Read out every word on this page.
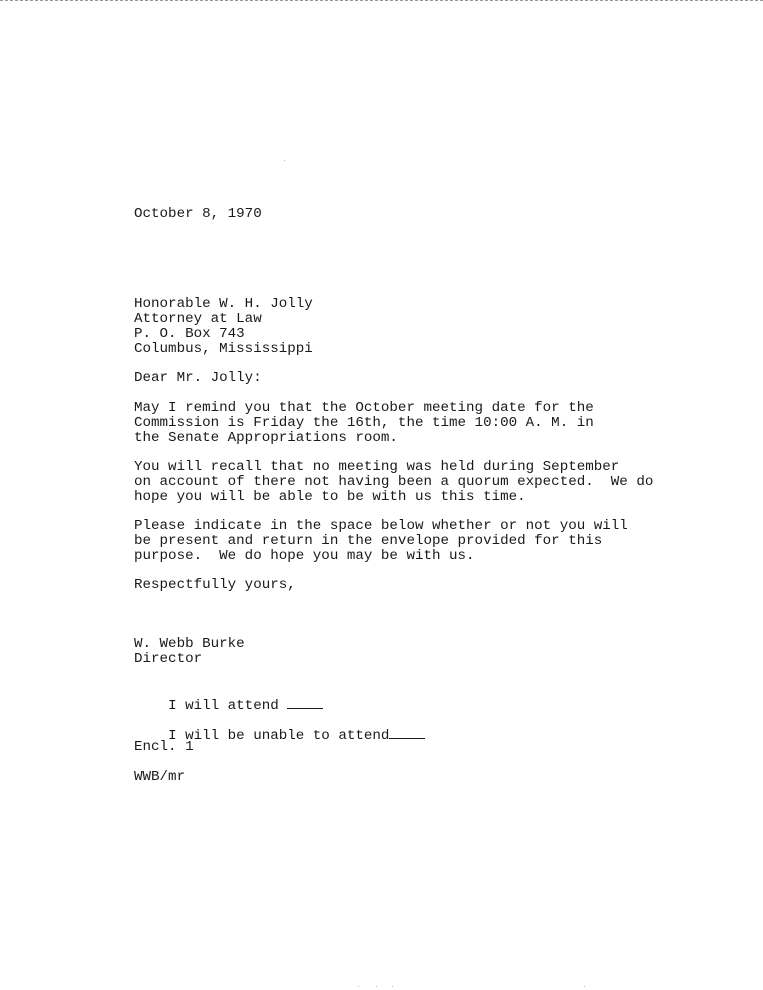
October 8, 1970
Honorable W. H. Jolly
Attorney at Law
P. O. Box 743
Columbus, Mississippi
Dear Mr. Jolly:
May I remind you that the October meeting date for the
Commission is Friday the 16th, the time 10:00 A. M. in
the Senate Appropriations room.
You will recall that no meeting was held during September
on account of there not having been a quorum expected.  We do
hope you will be able to be with us this time.
Please indicate in the space below whether or not you will
be present and return in the envelope provided for this
purpose.  We do hope you may be with us.
Respectfully yours,
W. Webb Burke
Director

I will attend

I will be unable to attend

Encl. 1
WWB/mr
